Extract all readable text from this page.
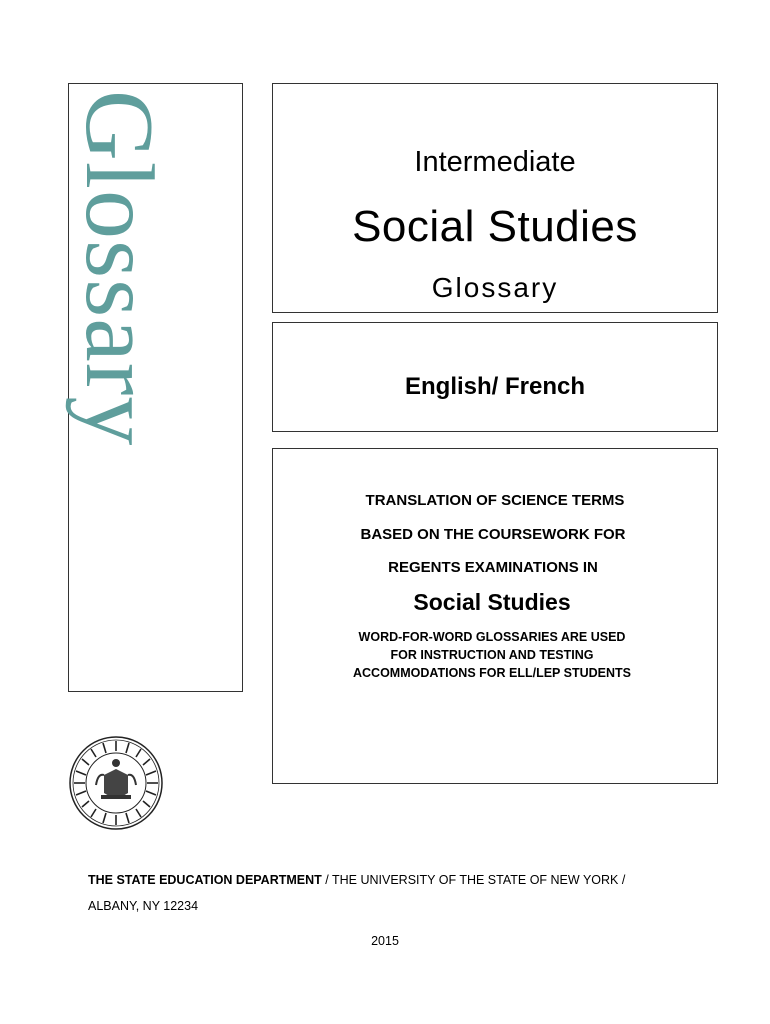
Glossary	Intermediate
Social Studies
Glossary
English/ French
TRANSLATION OF SCIENCE TERMS
BASED ON THE COURSEWORK FOR
REGENTS EXAMINATIONS IN
Social Studies
WORD-FOR-WORD GLOSSARIES ARE USED
FOR INSTRUCTION AND TESTING
ACCOMMODATIONS FOR ELL/LEP STUDENTS
THE STATE EDUCATION DEPARTMENT / THE UNIVERSITY OF THE STATE OF NEW YORK /
ALBANY, NY 12234
2015
